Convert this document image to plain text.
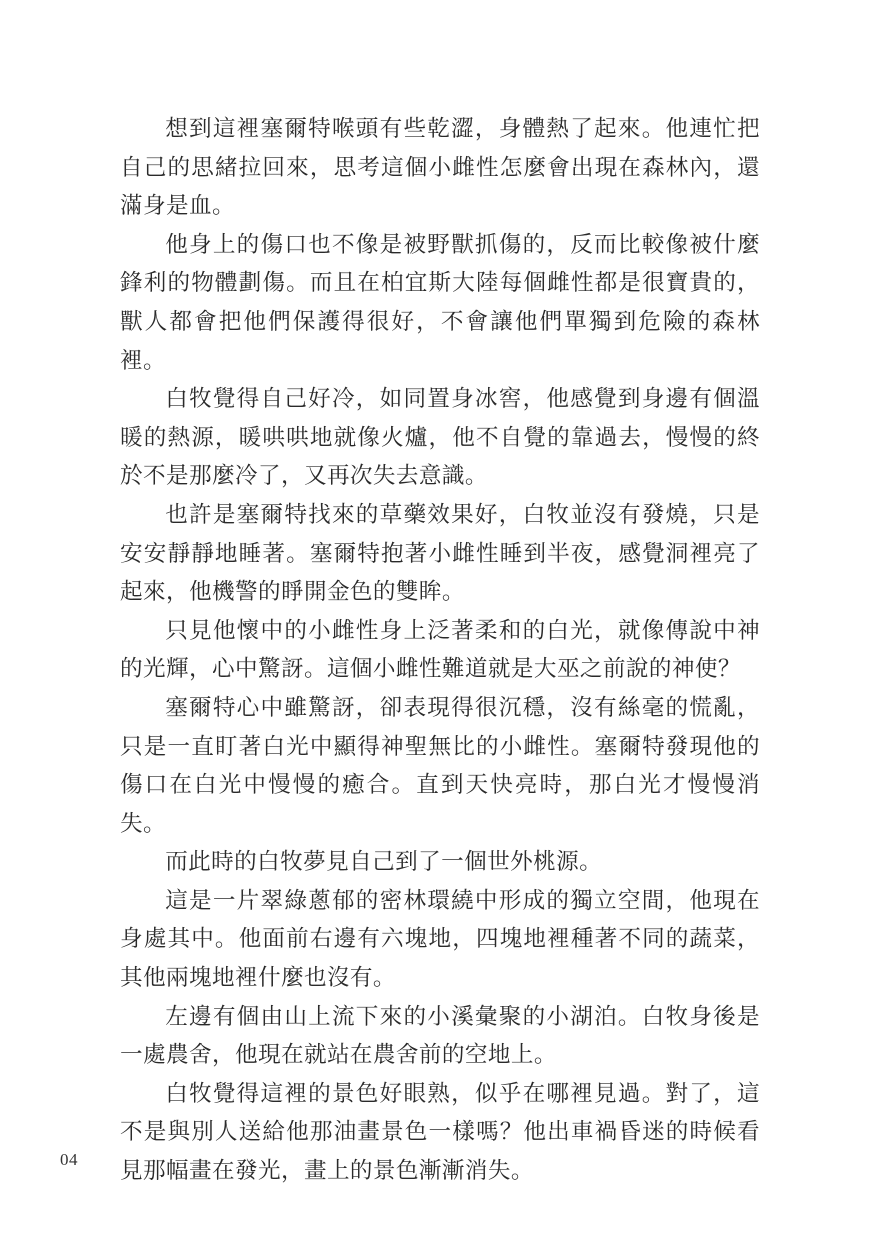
想到這裡塞爾特喉頭有些乾澀，身體熱了起來。他連忙把自己的思緒拉回來，思考這個小雌性怎麼會出現在森林內，還滿身是血。

他身上的傷口也不像是被野獸抓傷的，反而比較像被什麼鋒利的物體劃傷。而且在柏宜斯大陸每個雌性都是很寶貴的，獸人都會把他們保護得很好，不會讓他們單獨到危險的森林裡。

白牧覺得自己好冷，如同置身冰窖，他感覺到身邊有個溫暖的熱源，暖哄哄地就像火爐，他不自覺的靠過去，慢慢的終於不是那麼冷了，又再次失去意識。

也許是塞爾特找來的草藥效果好，白牧並沒有發燒，只是安安靜靜地睡著。塞爾特抱著小雌性睡到半夜，感覺洞裡亮了起來，他機警的睜開金色的雙眸。

只見他懷中的小雌性身上泛著柔和的白光，就像傳說中神的光輝，心中驚訝。這個小雌性難道就是大巫之前說的神使？

塞爾特心中雖驚訝，卻表現得很沉穩，沒有絲毫的慌亂，只是一直盯著白光中顯得神聖無比的小雌性。塞爾特發現他的傷口在白光中慢慢的癒合。直到天快亮時，那白光才慢慢消失。

而此時的白牧夢見自己到了一個世外桃源。

這是一片翠綠蔥郁的密林環繞中形成的獨立空間，他現在身處其中。他面前右邊有六塊地，四塊地裡種著不同的蔬菜，其他兩塊地裡什麼也沒有。

左邊有個由山上流下來的小溪彙聚的小湖泊。白牧身後是一處農舍，他現在就站在農舍前的空地上。

白牧覺得這裡的景色好眼熟，似乎在哪裡見過。對了，這不是與別人送給他那油畫景色一樣嗎？他出車禍昏迷的時候看見那幅畫在發光，畫上的景色漸漸消失。

04
